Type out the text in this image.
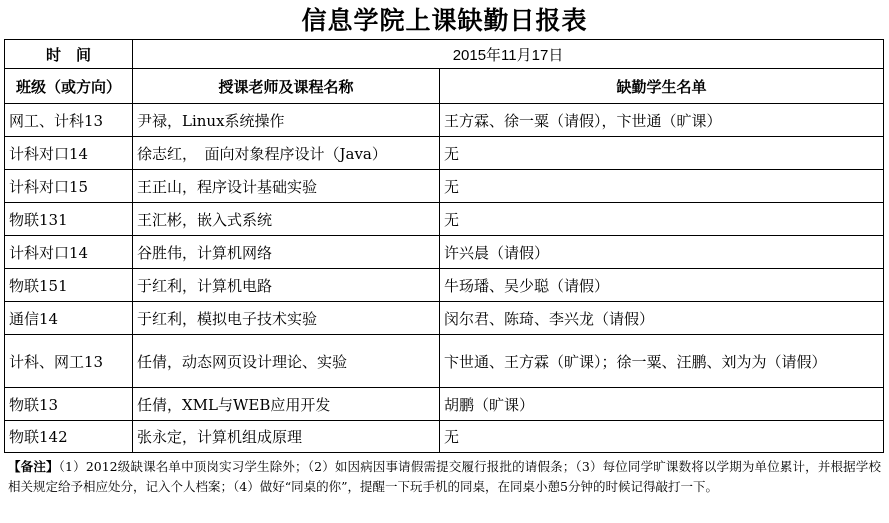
信息学院上课缺勤日报表
时　间	2015年11月17日	
班级（或方向）	授课老师及课程名称	缺勤学生名单
网工、计科13	尹禄，Linux系统操作	王方霖、徐一粟（请假），卞世通（旷课）
计科对口14	徐志红，　面向对象程序设计（Java）	无
计科对口15	王正山，程序设计基础实验	无
物联131	王汇彬，嵌入式系统	无
计科对口14	谷胜伟，计算机网络	许兴晨（请假）
物联151	于红利，计算机电路	牛玚璠、吴少聪（请假）
通信14	于红利，模拟电子技术实验	闵尔君、陈琦、李兴龙（请假）
计科、网工13	任倩，动态网页设计理论、实验	卞世通、王方霖（旷课）；徐一粟、汪鹏、刘为为（请假）
物联13	任倩，XML与WEB应用开发	胡鹏（旷课）
物联142	张永定，计算机组成原理	无
【备注】（1）2012级缺课名单中顶岗实习学生除外；（2）如因病因事请假需提交履行报批的请假条；（3）每位同学旷课数将以学期为单位累计，并根据学校相关规定给予相应处分，记入个人档案；（4）做好“同桌的你”，提醒一下玩手机的同桌，在同桌小憩5分钟的时候记得敲打一下。
